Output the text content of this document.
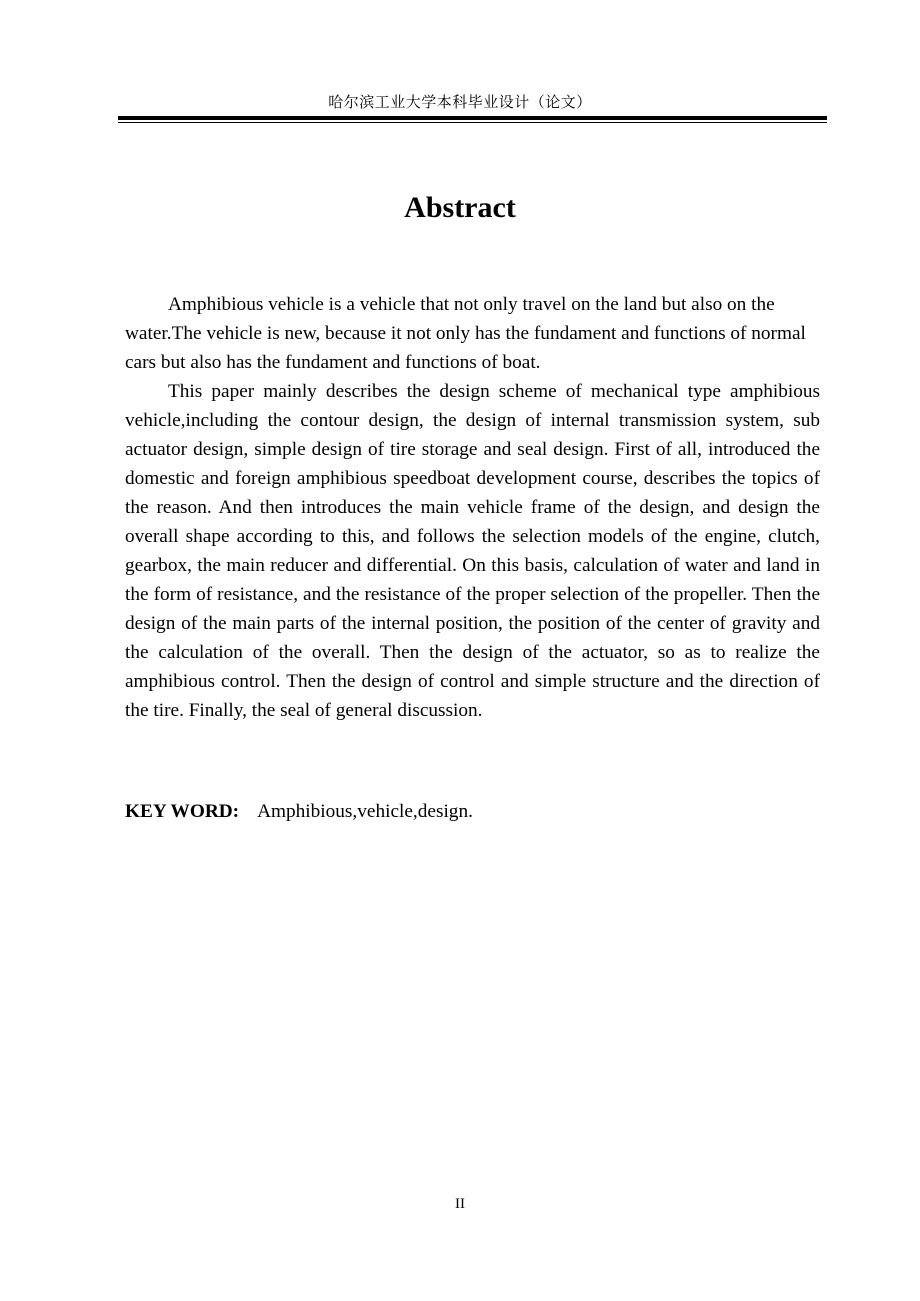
哈尔滨工业大学本科毕业设计（论文）
Abstract

Amphibious vehicle is a vehicle that not only travel on the land but also on the water.The vehicle is new, because it not only has the fundament and functions of normal cars but also has the fundament and functions of boat.

This paper mainly describes the design scheme of mechanical type amphibious vehicle,including the contour design, the design of internal transmission system, sub actuator design, simple design of tire storage and seal design. First of all, introduced the domestic and foreign amphibious speedboat development course, describes the topics of the reason. And then introduces the main vehicle frame of the design, and design the overall shape according to this, and follows the selection models of the engine, clutch, gearbox, the main reducer and differential. On this basis, calculation of water and land in the form of resistance, and the resistance of the proper selection of the propeller. Then the design of the main parts of the internal position, the position of the center of gravity and the calculation of the overall. Then the design of the actuator, so as to realize the amphibious control. Then the design of control and simple structure and the direction of the tire. Finally, the seal of general discussion.

KEY WORD: Amphibious,vehicle,design.
II
